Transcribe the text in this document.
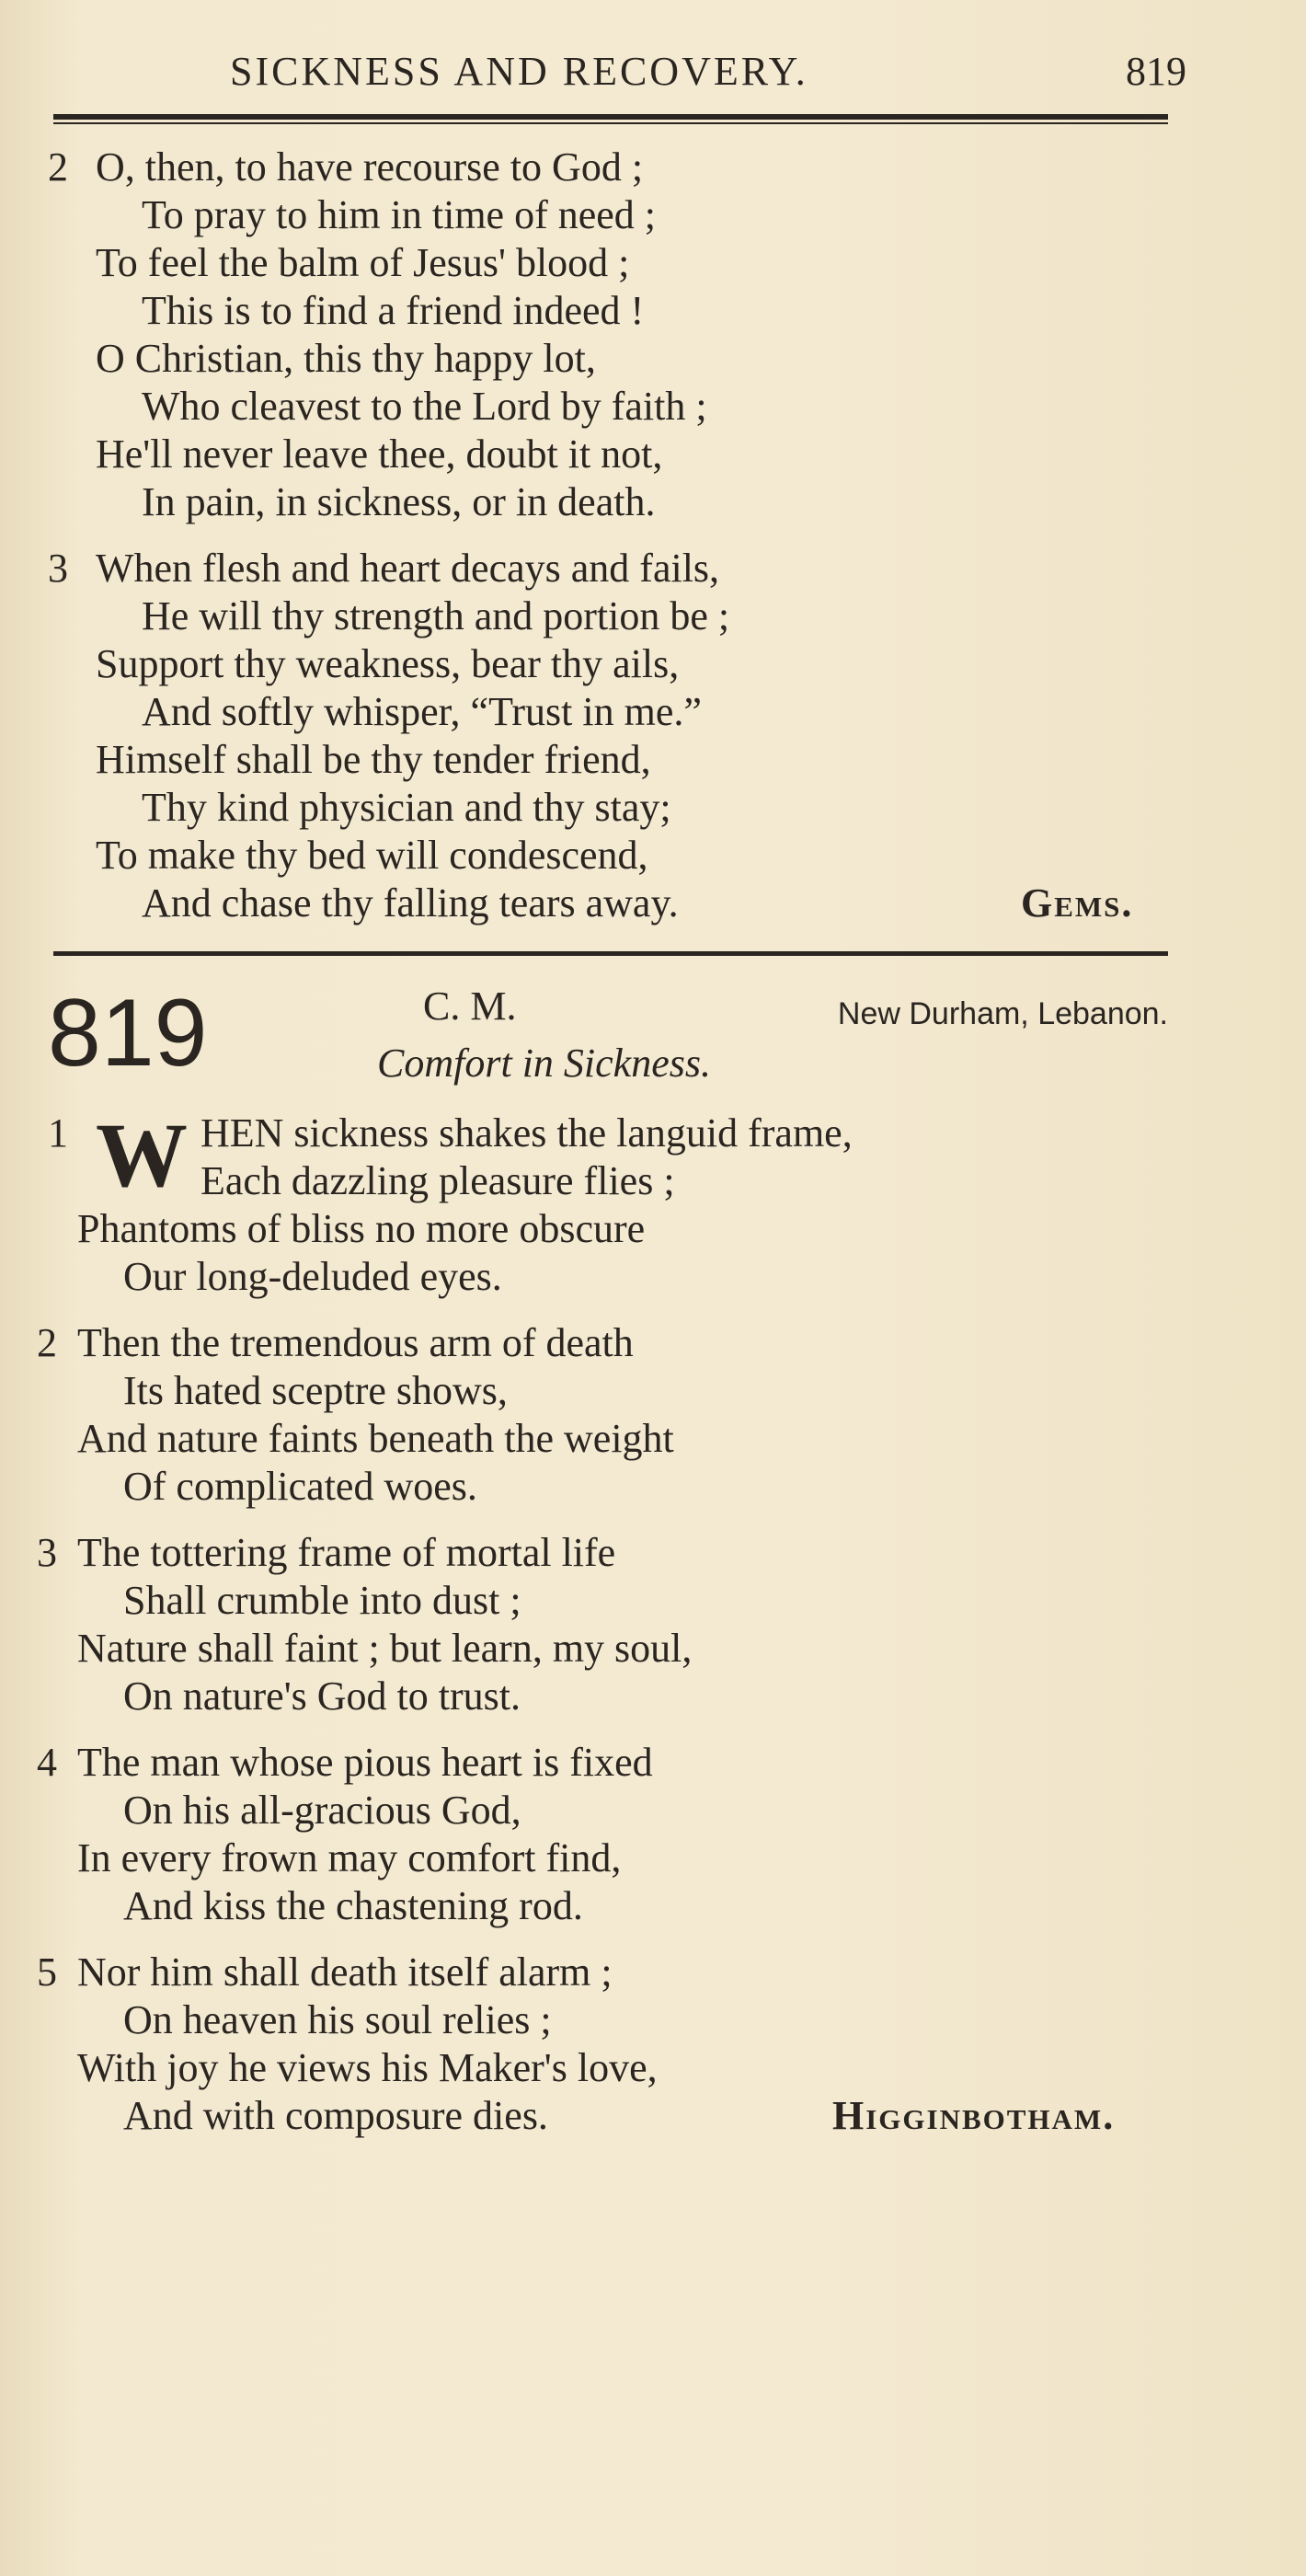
SICKNESS AND RECOVERY.	819
2 O, then, to have recourse to God ;
To pray to him in time of need ;
To feel the balm of Jesus' blood ;
This is to find a friend indeed !
O Christian, this thy happy lot,
Who cleavest to the Lord by faith ;
He'll never leave thee, doubt it not,
In pain, in sickness, or in death.
3 When flesh and heart decays and fails,
He will thy strength and portion be ;
Support thy weakness, bear thy ails,
And softly whisper, “Trust in me.”
Himself shall be thy tender friend,
Thy kind physician and thy stay;
To make thy bed will condescend,
And chase thy falling tears away.	Gems.
819	C. M.	New Durham, Lebanon.
Comfort in Sickness.
1 W HEN sickness shakes the languid frame,
Each dazzling pleasure flies ;
Phantoms of bliss no more obscure
Our long-deluded eyes.
2 Then the tremendous arm of death
Its hated sceptre shows,
And nature faints beneath the weight
Of complicated woes.
3 The tottering frame of mortal life
Shall crumble into dust ;
Nature shall faint ; but learn, my soul,
On nature's God to trust.
4 The man whose pious heart is fixed
On his all-gracious God,
In every frown may comfort find,
And kiss the chastening rod.
5 Nor him shall death itself alarm ;
On heaven his soul relies ;
With joy he views his Maker's love,
And with composure dies.	Higginbotham.
